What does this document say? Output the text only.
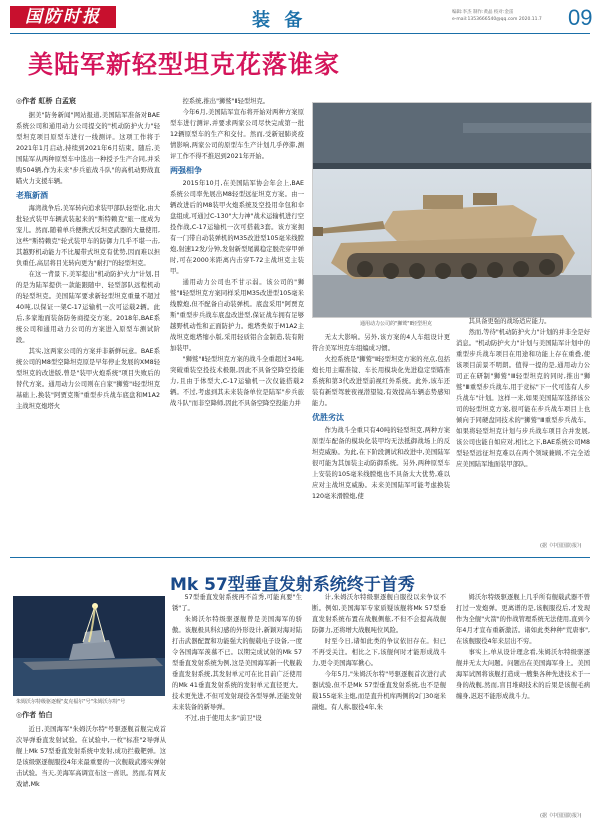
国防时报	装 备	编辑:李杰 制作:黄晶 校对:金雷
e-mail:1353666540@qq.com 2020.11.7	09
美陆军新轻型坦克花落谁家
◎作者 虹桥 白孟宸

据美"防务新闻"网站报道,美国陆军准备对BAE系统公司和通用动力公司提交的"机动防护火力"轻型坦克项目原型车进行一线测评。这项工作将于2021年1月启动,持续到2021年6月结束。随后,美国陆军从两种原型车中选出一种授予生产合同,并采购504辆,作为未来"步兵旅战斗队"的高机动野战直瞄火力支援车辆。

老瓶新酒

海湾战争后,美军转向追求装甲部队轻型化,由大批轻式装甲车辆武装起来的"斯特赖克"旅一度成为宠儿。然而,随着单兵便携式反坦克武器的大量使用,这些"斯特赖克"轮式装甲车的防御力几乎不堪一击,其越野机动能力不比履带式坦克有优势,因而难以担负重任,高层将目光转向更为"耐打"的轻型坦克。

在这一背景下,美军提出"机动防护火力"计划,目的是为陆军提供一款能跟随中、轻型部队远程机动的轻型坦克。美国陆军要求新轻型坦克重量不超过40吨,以保证一架C-17运输机一次可运载2辆。此后,多家地面装备防务商提交方案。2018年,BAE系统公司和通用动力公司的方案进入原型车测试阶段。

其实,这两家公司的方案并非新鲜玩意。BAE系统公司的M8型空降坦克原是早年停止发展的XM8轻型坦克的改进版,曾是"装甲火炮系统"项目失败后的替代方案。通用动力公司则在自家"狮鹫"Ⅰ轻型坦克基础上,换装"阿贾克斯"重型步兵战车底盘和M1A2主战坦克炮塔火

控系统,推出"狮鹫"Ⅱ轻型坦克。

今年6月,美国陆军宣布将开始对两种方案原型车进行测评,并要求两家公司尽快完成第一批12辆原型车的生产和交付。然而,受新冠肺炎疫情影响,两家公司的原型车生产计划几乎停滞,测评工作不得不推迟到2021年开始。

两强相争

2015年10月,在美国陆军协会年会上,BAE系统公司率先展出M8轻型远征坦克方案。由一辆改进后的M8装甲火炮系统及空投用伞包和伞盘组成,可通过C-130"大力神"战术运输机进行空投作战,C-17运输机一次可搭载3套。该方案拥有一门带自动装弹机的M35改进型105毫米线膛炮,射速12发/分钟,发射新型尾翼稳定脱壳穿甲弹时,可在2000米距离内击穿T-72主战坦克主装甲。

通用动力公司也不甘示弱。该公司的"狮鹫"Ⅱ轻型坦克方案同样采用M35改进型105毫米线膛炮,但不配备自动装弹机。底盘采用"阿贾克斯"重型步兵战车底盘改进型,保证战车拥有足够越野机动性和正面防护力。炮塔类似于M1A2主战坦克炮塔缩小版,采用轻质铝合金制造,装有附加装甲。

"狮鹫"Ⅱ轻型坦克方案的战斗全重超过34吨,突破重装空投技术极限,因此不具备空降空投能力,且由于体型大,C-17运输机一次仅能搭载2辆。不过,考虑到其未来装备单位是陆军"步兵旅战斗队"而非空降师,因此不具备空降空投能力并

通用动力公司的"狮鹫"Ⅱ轻型坦克

无太大影响。另外,该方案的4人车组设计更符合美军坦克车组编成习惯。

火控系统是"狮鹫"Ⅱ轻型坦克方案的亮点,包括炮长用主瞄准镜、车长用模块化先进稳定型瞄准系统和第3代改进型前视红外系统。此外,该车还装有新型驾驶夜视潜望镜,有效提高车辆态势感知能力。

优胜劣汰

作为战斗全重只有40吨的轻型坦克,两种方案原型车配备的模块化装甲均无法抵御战场上的反坦克威胁。为此,在下阶段测试和改进中,美国陆军很可能为其加装主动防御系统。另外,两种原型车上安装的105毫米线膛炮也不具备太大优势,难以应对主战坦克威胁。未来美国陆军可能考虑换装120毫米滑膛炮,使

其具备更强的战场适应能力。

然而,等待"机动防护火力"计划的并非全是好消息。"机动防护火力"计划与美国陆军计划中的重型步兵战车项目在用途和功能上存在重叠,使该项目前景不明朗。值得一提的是,通用动力公司正在研制"狮鹫"Ⅲ轻型坦克的同时,推出"狮鹫"Ⅲ重型步兵战车,用于竞标"下一代可选有人步兵战车"计划。这样一来,如果美国陆军选择该公司的轻型坦克方案,很可能在步兵战车项目上也倾向于同硬盘同技术的"狮鹫"Ⅲ重型步兵战车。如果将轻型坦克计划与步兵战车项目合并发展,该公司也能自如应对,相比之下,BAE系统公司M8型轻型远征坦克难以在两个领域兼顾,不完全适应美国陆军地面装甲部队。

(据《中国国防报》)
Mk 57型垂直发射系统终于首秀
朱姆沃尔特级驱逐舰"麦克福尔"号"朱姆沃尔特"号
◎作者 怡白

近日,美国海军"朱姆沃尔特"号驱逐舰首舰完成首次导弹垂直发射试验。在试验中,一枚"标准"2导弹从舰上Mk 57型垂直发射系统中发射,成功拦截靶弹。这是该级驱逐舰服役4年来最重要的一次舰载武器实弹射击试验。当天,美海军高调宣布这一喜讯。然而,有网友戏谑,Mk

57型垂直发射系统再不首秀,可能真要"生锈"了。

朱姆沃尔特级驱逐舰曾是美国海军的骄傲。该舰极具科幻感的外形设计,新颖对海对陆打击武器配置和功能强大的舰载电子设备,一度令各国海军羡慕不已。以期完成试射的Mk 57型垂直发射系统为例,这是美国海军新一代舰载垂直发射系统,其发射单元可在比目前广泛使用的Mk 41垂直发射系统的发射单元直径更大。技术更先进,不但可发射现役各型导弹,还能发射未来装备的新导弹。

不过,由于使用太多"前卫"设

计,朱姆沃尔特级驱逐舰自服役以来争议不断。例如,美国海军专家质疑该舰将Mk 57型垂直发射系统布置在战舰侧舷,不但不会提高战舰防御力,还将增大战舰吨位风险。

时至今日,诸如此类的争议依旧存在。但已不再受关注。相比之下,该舰何时才能形成战斗力,更令美国海军揪心。

今年5月,"朱姆沃尔特"号驱逐舰首次进行武器试验,但不是Mk 57型垂直发射系统,也不是舰载155毫米主炮,而是直升机库两侧的2门30毫米副炮。有人称,服役4年,朱

姆沃尔特级驱逐舰上几乎所有舰载武器不曾打过一发炮弹。更离谱的是,该舰服役后,才发现作为全舰"火箭"的作战管理系统无法使用,直到今年4月才宣布重新激活。诸如此类种种"荒唐事",在该舰服役4年来层出不穷。

事实上,单从设计理念看,朱姆沃尔特级驱逐舰并无太大问题。问题出在美国海军身上。美国海军试图将该舰打造成一艘集各种先进技术于一身的战舰,然而,盲目堆砌技术的后果是该舰毛病缠身,迟迟不能形成战斗力。

(据《中国国防报》)
